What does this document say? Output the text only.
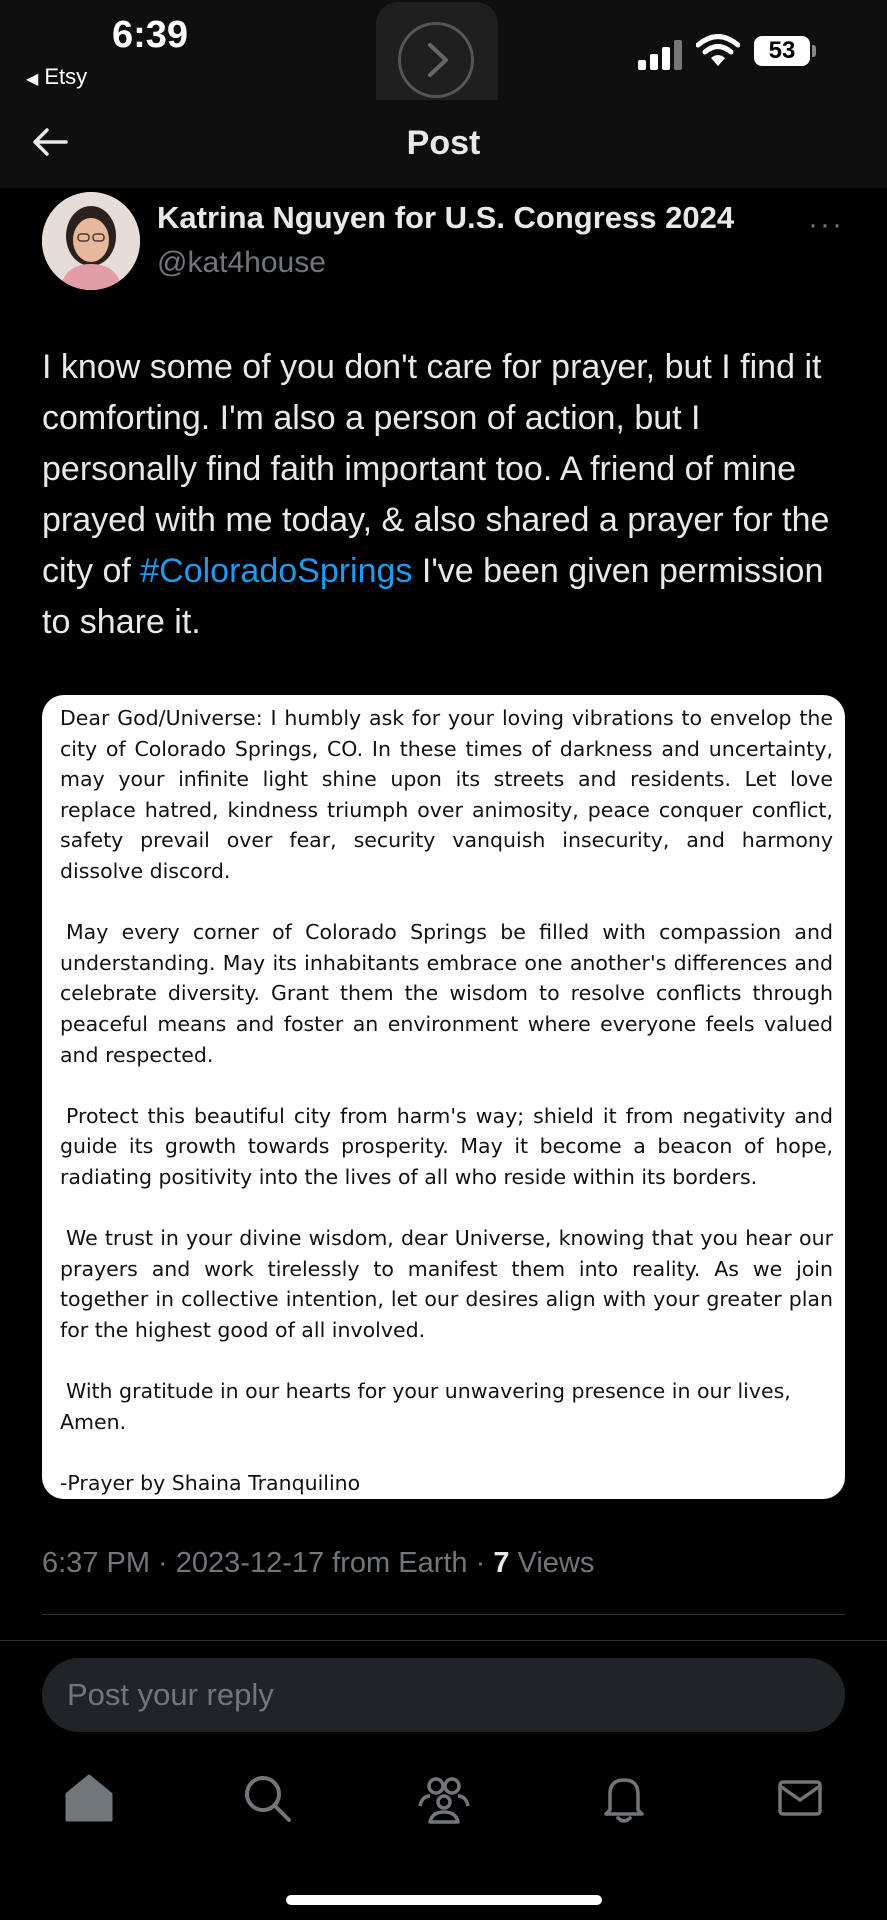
6:39
◀ Etsy
53
Post
Katrina Nguyen for U.S. Congress 2024
@kat4house
···
I know some of you don't care for prayer, but I find it comforting. I'm also a person of action, but I personally find faith important too. A friend of mine prayed with me today, & also shared a prayer for the city of #ColoradoSprings I've been given permission to share it.

Dear God/Universe: I humbly ask for your loving vibrations to envelop the city of Colorado Springs, CO. In these times of darkness and uncertainty, may your infinite light shine upon its streets and residents. Let love replace hatred, kindness triumph over animosity, peace conquer conflict, safety prevail over fear, security vanquish insecurity, and harmony dissolve discord.

May every corner of Colorado Springs be filled with compassion and understanding. May its inhabitants embrace one another's differences and celebrate diversity. Grant them the wisdom to resolve conflicts through peaceful means and foster an environment where everyone feels valued and respected.

Protect this beautiful city from harm's way; shield it from negativity and guide its growth towards prosperity. May it become a beacon of hope, radiating positivity into the lives of all who reside within its borders.

We trust in your divine wisdom, dear Universe, knowing that you hear our prayers and work tirelessly to manifest them into reality. As we join together in collective intention, let our desires align with your greater plan for the highest good of all involved.

With gratitude in our hearts for your unwavering presence in our lives, Amen.

-Prayer by Shaina Tranquilino

6:37 PM · 2023-12-17 from Earth · 7 Views
Post your reply
